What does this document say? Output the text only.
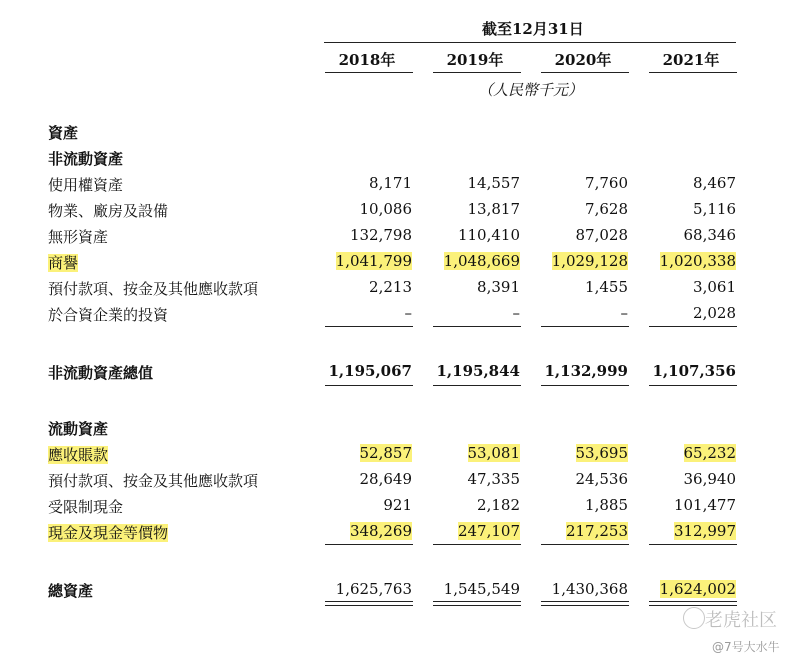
截至12月31日
2018年	2019年	2020年	2021年
（人民幣千元）
資產
非流動資產
使用權資產	8,171	14,557	7,760	8,467
物業、廠房及設備	10,086	13,817	7,628	5,116
無形資產	132,798	110,410	87,028	68,346
商譽	1,041,799 1,048,669 1,029,128 1,020,338
預付款項、按金及其他應收款項	2,213	8,391	1,455	3,061
於合資企業的投資	–	–	–	2,028
非流動資產總值	1,195,067 1,195,844 1,132,999 1,107,356
流動資產
應收賬款	52,857	53,081	53,695	65,232
預付款項、按金及其他應收款項	28,649	47,335	24,536	36,940
受限制現金	921	2,182	1,885	101,477
現金及現金等價物	348,269	247,107	217,253	312,997
總資產	1,625,763 1,545,549 1,430,368 1,624,002
老虎社区
@7号大水牛
